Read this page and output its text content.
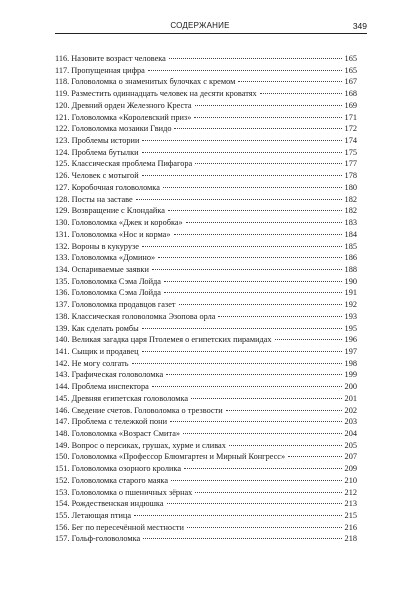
СОДЕРЖАНИЕ	349
116. Назовите возраст человека	165
117. Пропущенная цифра	165
118. Головоломка о знаменитых булочках с кремом	167
119. Разместить одиннадцать человек на десяти кроватях	168
120. Древний орден Железного Креста	169
121. Головоломка «Королевский приз»	171
122. Головоломка мозаики Гвидо	172
123. Проблемы истории	174
124. Проблема бутылки	175
125. Классическая проблема Пифагора	177
126. Человек с мотыгой	178
127. Коробочная головоломка	180
128. Посты на заставе	182
129. Возвращение с Клондайка	182
130. Головоломка «Джек и коробка»	183
131. Головоломка «Нос и корма»	184
132. Вороны в кукурузе	185
133. Головоломка «Домино»	186
134. Оспариваемые заявки	188
135. Головоломка Сэма Лойда	190
136. Головоломка Сэма Лойда	191
137. Головоломка продавцов газет	192
138. Классическая головоломка Эзопова орла	193
139. Как сделать ромбы	195
140. Великая загадка царя Птолемея о египетских пирамидах	196
141. Сыщик и продавец	197
142. Не могу солгать	198
143. Графическая головоломка	199
144. Проблема инспектора	200
145. Древняя египетская головоломка	201
146. Сведение счетов. Головоломка о трезвости	202
147. Проблема с тележкой пони	203
148. Головоломка «Возраст Смита»	204
149. Вопрос о персиках, грушах, хурме и сливах	205
150. Головоломка «Профессор Блюмгартен и Мирный Конгресс»	207
151. Головоломка озорного кролика	209
152. Головоломка старого маяка	210
153. Головоломка о пшеничных зёрнах	212
154. Рождественская индюшка	213
155. Летающая птица	215
156. Бег по пересечённой местности	216
157. Гольф-головоломка	218
